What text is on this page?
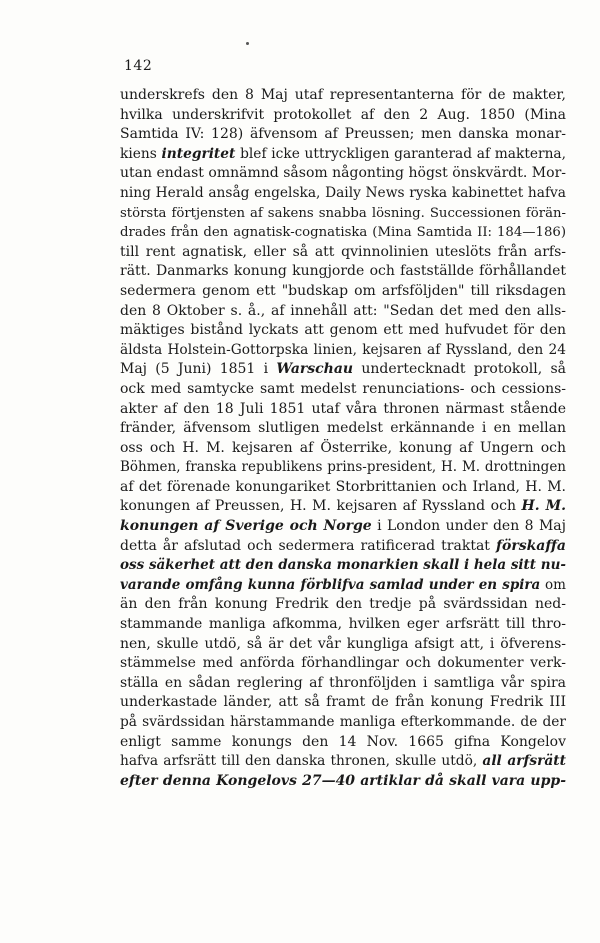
142
underskrefs den 8 Maj utaf representanterna för de makter,
hvilka underskrifvit protokollet af den 2 Aug. 1850 (Mina
Samtida IV: 128) äfvensom af Preussen; men danska monar-
kiens integritet blef icke uttryckligen garanterad af makterna,
utan endast omnämnd såsom någonting högst önskvärdt. Mor-
ning Herald ansåg engelska, Daily News ryska kabinettet hafva
största förtjensten af sakens snabba lösning. Successionen förän-
drades från den agnatisk-cognatiska (Mina Samtida II: 184—186)
till rent agnatisk, eller så att qvinnolinien uteslöts från arfs-
rätt. Danmarks konung kungjorde och fastställde förhållandet
sedermera genom ett "budskap om arfsföljden" till riksdagen
den 8 Oktober s. å., af innehåll att: "Sedan det med den alls-
mäktiges bistånd lyckats att genom ett med hufvudet för den
äldsta Holstein-Gottorpska linien, kejsaren af Ryssland, den 24
Maj (5 Juni) 1851 i Warschau undertecknadt protokoll, så
ock med samtycke samt medelst renunciations- och cessions-
akter af den 18 Juli 1851 utaf våra thronen närmast stående
fränder, äfvensom slutligen medelst erkännande i en mellan
oss och H. M. kejsaren af Österrike, konung af Ungern och
Böhmen, franska republikens prins-president, H. M. drottningen
af det förenade konungariket Storbrittanien och Irland, H. M.
konungen af Preussen, H. M. kejsaren af Ryssland och H. M.
konungen af Sverige och Norge i London under den 8 Maj
detta år afslutad och sedermera ratificerad traktat förskaffa
oss säkerhet att den danska monarkien skall i hela sitt nu-
varande omfång kunna förblifva samlad under en spira om
än den från konung Fredrik den tredje på svärdssidan ned-
stammande manliga afkomma, hvilken eger arfsrätt till thro-
nen, skulle utdö, så är det vår kungliga afsigt att, i öfverens-
stämmelse med anförda förhandlingar och dokumenter verk-
ställa en sådan reglering af thronföljden i samtliga vår spira
underkastade länder, att så framt de från konung Fredrik III
på svärdssidan härstammande manliga efterkommande. de der
enligt samme konungs den 14 Nov. 1665 gifna Kongelov
hafva arfsrätt till den danska thronen, skulle utdö, all arfsrätt
efter denna Kongelovs 27—40 artiklar då skall vara upp-
